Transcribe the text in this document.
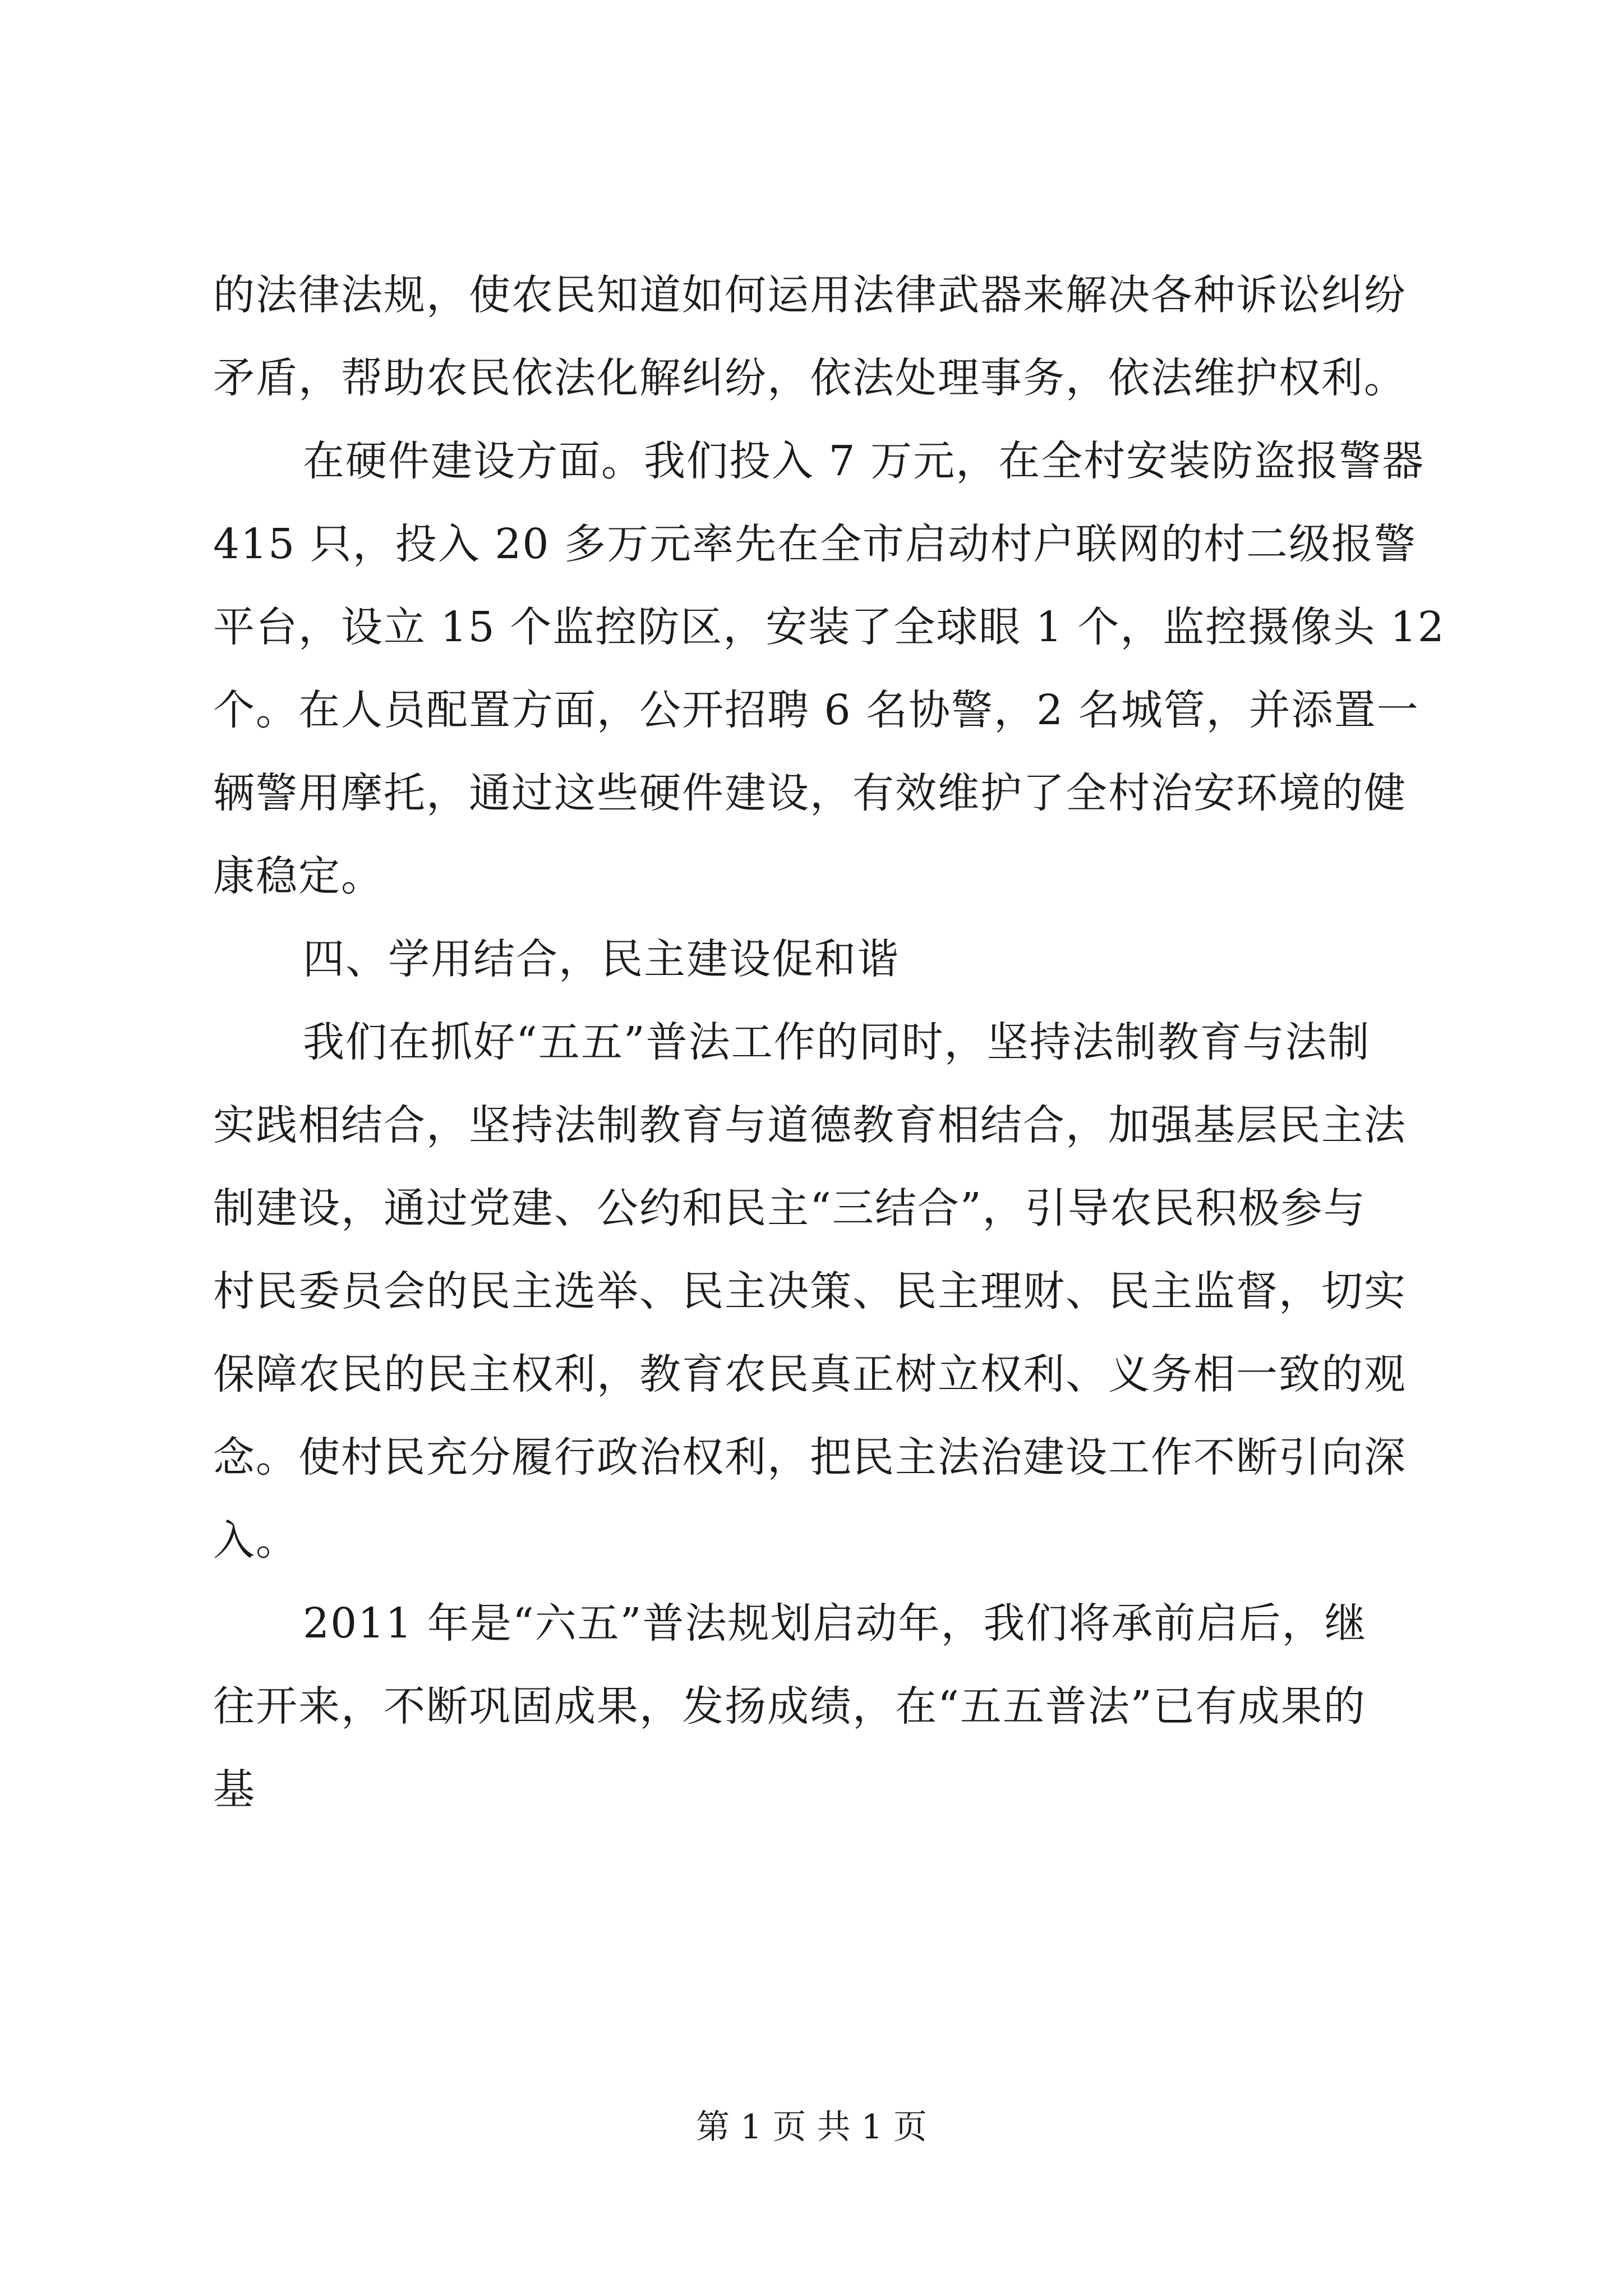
的法律法规，使农民知道如何运用法律武器来解决各种诉讼纠纷
矛盾，帮助农民依法化解纠纷，依法处理事务，依法维护权利。
在硬件建设方面。我们投入 7 万元，在全村安装防盗报警器
415 只，投入 20 多万元率先在全市启动村户联网的村二级报警
平台，设立 15 个监控防区，安装了全球眼 1 个，监控摄像头 12
个。在人员配置方面，公开招聘 6 名协警，2 名城管，并添置一
辆警用摩托，通过这些硬件建设，有效维护了全村治安环境的健
康稳定。
四、学用结合，民主建设促和谐
我们在抓好“五五”普法工作的同时，坚持法制教育与法制
实践相结合，坚持法制教育与道德教育相结合，加强基层民主法
制建设，通过党建、公约和民主“三结合”，引导农民积极参与
村民委员会的民主选举、民主决策、民主理财、民主监督，切实
保障农民的民主权利，教育农民真正树立权利、义务相一致的观
念。使村民充分履行政治权利，把民主法治建设工作不断引向深
入。
2011 年是“六五”普法规划启动年，我们将承前启后，继
往开来，不断巩固成果，发扬成绩，在“五五普法”已有成果的
基
第 1 页 共 1 页
